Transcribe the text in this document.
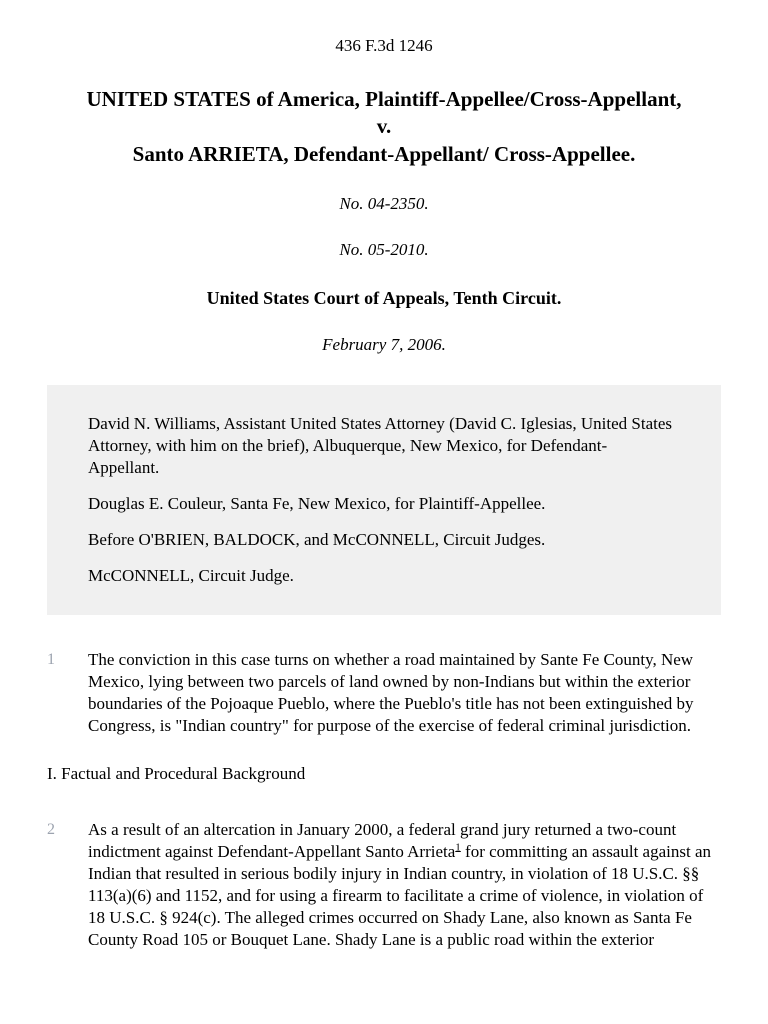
436 F.3d 1246
UNITED STATES of America, Plaintiff-Appellee/Cross-Appellant,
v.
Santo ARRIETA, Defendant-Appellant/ Cross-Appellee.

No. 04-2350.

No. 05-2010.

United States Court of Appeals, Tenth Circuit.

February 7, 2006.

David N. Williams, Assistant United States Attorney (David C. Iglesias, United States Attorney, with him on the brief), Albuquerque, New Mexico, for Defendant-Appellant.

Douglas E. Couleur, Santa Fe, New Mexico, for Plaintiff-Appellee.

Before O'BRIEN, BALDOCK, and McCONNELL, Circuit Judges.

McCONNELL, Circuit Judge.

1	The conviction in this case turns on whether a road maintained by Sante Fe County, New Mexico, lying between two parcels of land owned by non-Indians but within the exterior boundaries of the Pojoaque Pueblo, where the Pueblo's title has not been extinguished by Congress, is "Indian country" for purpose of the exercise of federal criminal jurisdiction.

I. Factual and Procedural Background

2	As a result of an altercation in January 2000, a federal grand jury returned a two-count indictment against Defendant-Appellant Santo Arrieta$^1$ for committing an assault against an Indian that resulted in serious bodily injury in Indian country, in violation of 18 U.S.C. §§ 113(a)(6) and 1152, and for using a firearm to facilitate a crime of violence, in violation of 18 U.S.C. § 924(c). The alleged crimes occurred on Shady Lane, also known as Santa Fe County Road 105 or Bouquet Lane. Shady Lane is a public road within the exterior
